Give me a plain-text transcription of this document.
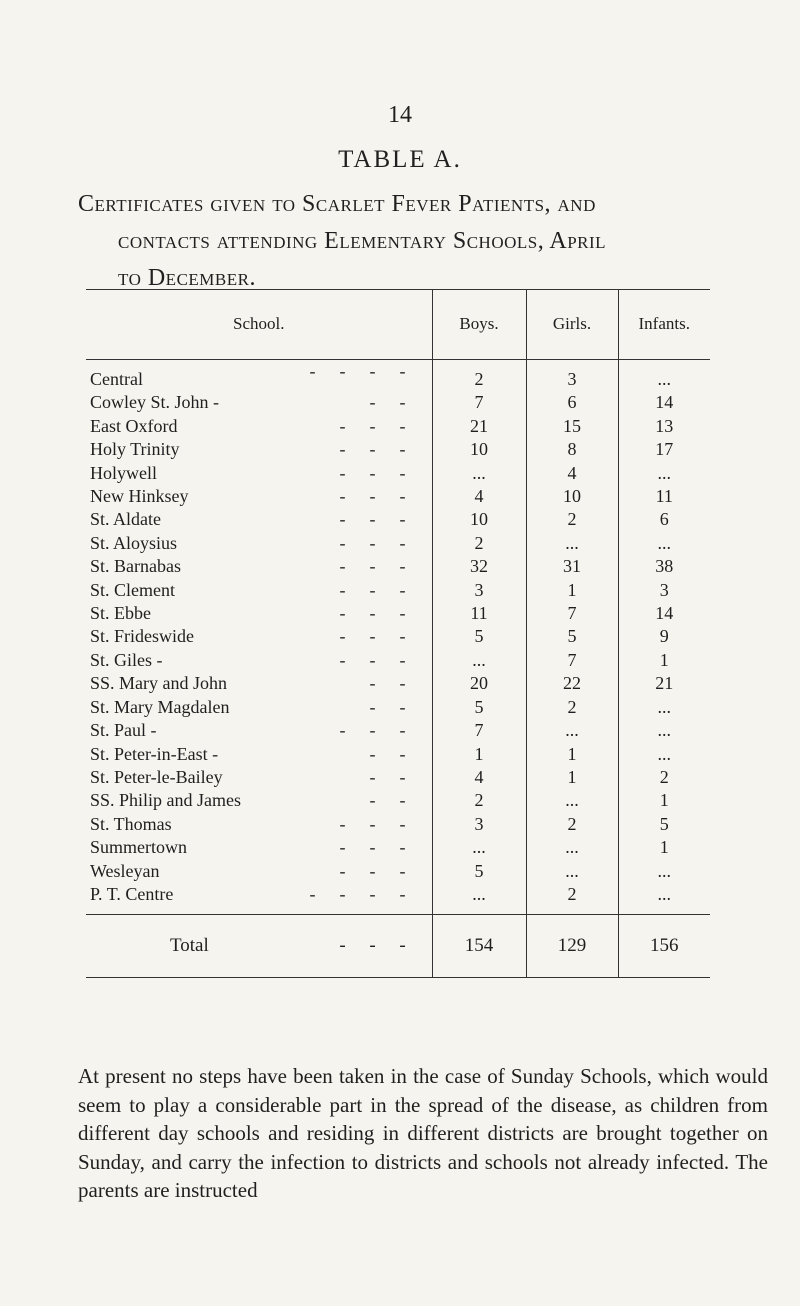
14
TABLE A.
Certificates given to Scarlet Fever Patients, and
contacts attending Elementary Schools, April
to December.
School.	Boys.	Girls.	Infants.
Central - - - -	2	3	...
Cowley St. John - - -	7	6	14
East Oxford - - -	21	15	13
Holy Trinity - - -	10	8	17
Holywell - - -	...	4	...
New Hinksey - - -	4	10	11
St. Aldate - - -	10	2	6
St. Aloysius - - -	2	...	...
St. Barnabas - - -	32	31	38
St. Clement - - -	3	1	3
St. Ebbe - - -	11	7	14
St. Frideswide - - -	5	5	9
St. Giles - - - -	...	7	1
SS. Mary and John - -	20	22	21
St. Mary Magdalen - -	5	2	...
St. Paul - - - -	7	...	...
St. Peter-in-East - - -	1	1	...
St. Peter-le-Bailey - -	4	1	2
SS. Philip and James - -	2	...	1
St. Thomas - - -	3	2	5
Summertown - - -	...	...	1
Wesleyan - - -	5	...	...
P. T. Centre - - - -	...	2	...

Total - - -	154	129	156
At present no steps have been taken in the case of Sunday Schools, which would seem to play a considerable part in the spread of the disease, as children from different day schools and residing in different districts are brought together on Sunday, and carry the infection to districts and schools not already infected. The parents are instructed
